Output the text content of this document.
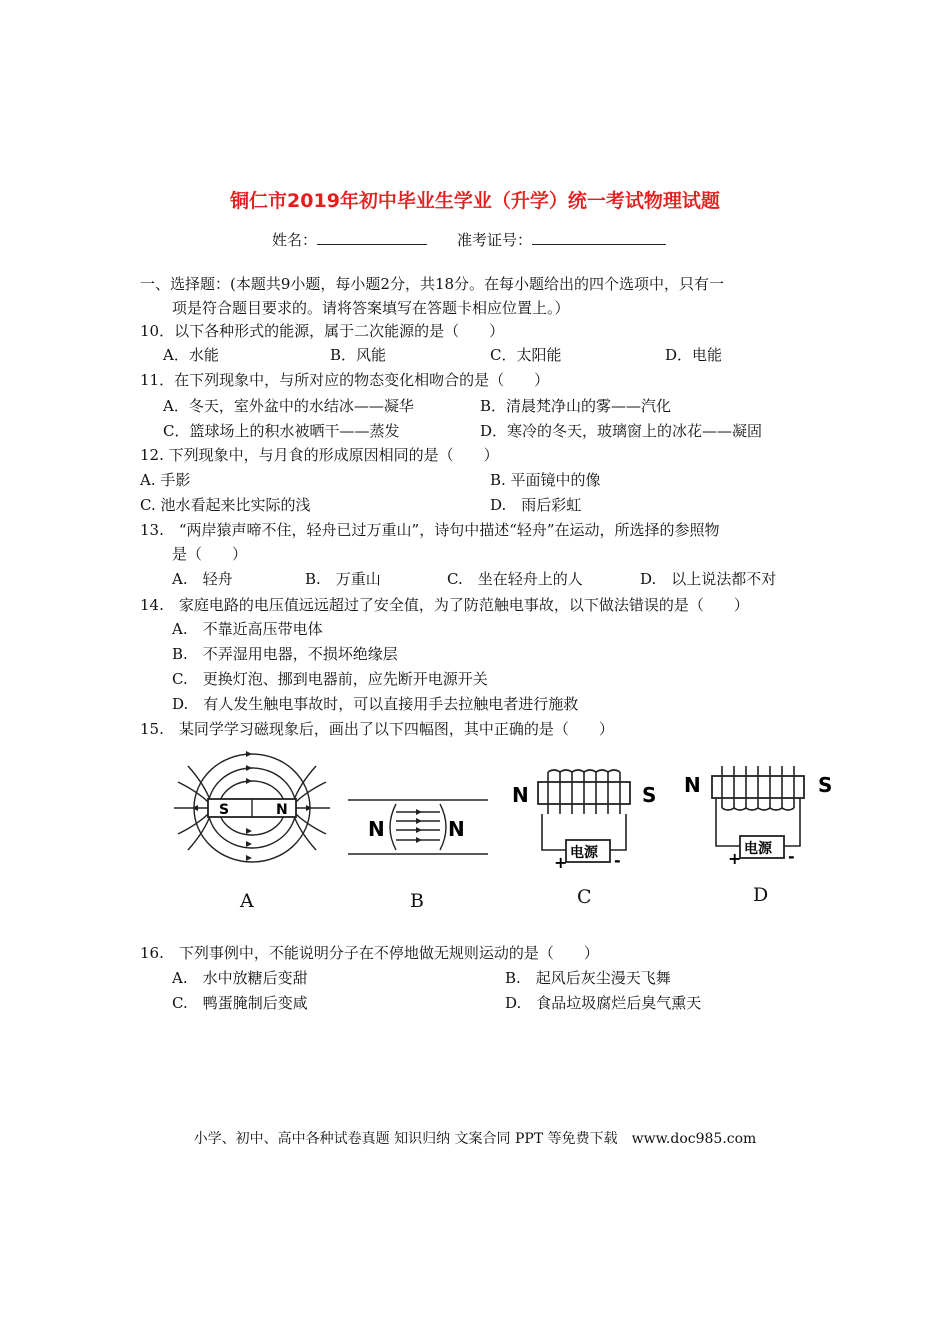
铜仁市2019年初中毕业生学业（升学）统一考试物理试题
姓名：	准考证号：
一、选择题：(本题共9小题，每小题2分，共18分。在每小题给出的四个选项中，只有一
项是符合题目要求的。请将答案填写在答题卡相应位置上。）
10．以下各种形式的能源，属于二次能源的是（　　）
A．水能	B．风能	C．太阳能	D．电能
11．在下列现象中，与所对应的物态变化相吻合的是（　　）
A．冬天，室外盆中的水结冰——凝华	B．清晨梵净山的雾——汽化
C．篮球场上的积水被晒干——蒸发	D．寒冷的冬天，玻璃窗上的冰花——凝固
12. 下列现象中，与月食的形成原因相同的是（　　）
A. 手影	B. 平面镜中的像
C. 池水看起来比实际的浅	D.　雨后彩虹
13.　“两岸猿声啼不住，轻舟已过万重山”，诗句中描述“轻舟”在运动，所选择的参照物
是（　　）
A.　轻舟	B.　万重山	C.　坐在轻舟上的人	D.　以上说法都不对
14.　家庭电路的电压值远远超过了安全值，为了防范触电事故，以下做法错误的是（　　）
A.　不靠近高压带电体
B.　不弄湿用电器，不损坏绝缘层
C.　更换灯泡、挪到电器前，应先断开电源开关
D.　有人发生触电事故时，可以直接用手去拉触电者进行施救
15.　某同学学习磁现象后，画出了以下四幅图，其中正确的是（　　）
S	N
A
N	N
B
电源
+	-
N	S
C
电源
+	-
N	S
D
16.　下列事例中，不能说明分子在不停地做无规则运动的是（　　）
A.　水中放糖后变甜	B.　起风后灰尘漫天飞舞
C.　鸭蛋腌制后变咸	D.　食品垃圾腐烂后臭气熏天
小学、初中、高中各种试卷真题 知识归纳 文案合同 PPT 等免费下载　www.doc985.com
